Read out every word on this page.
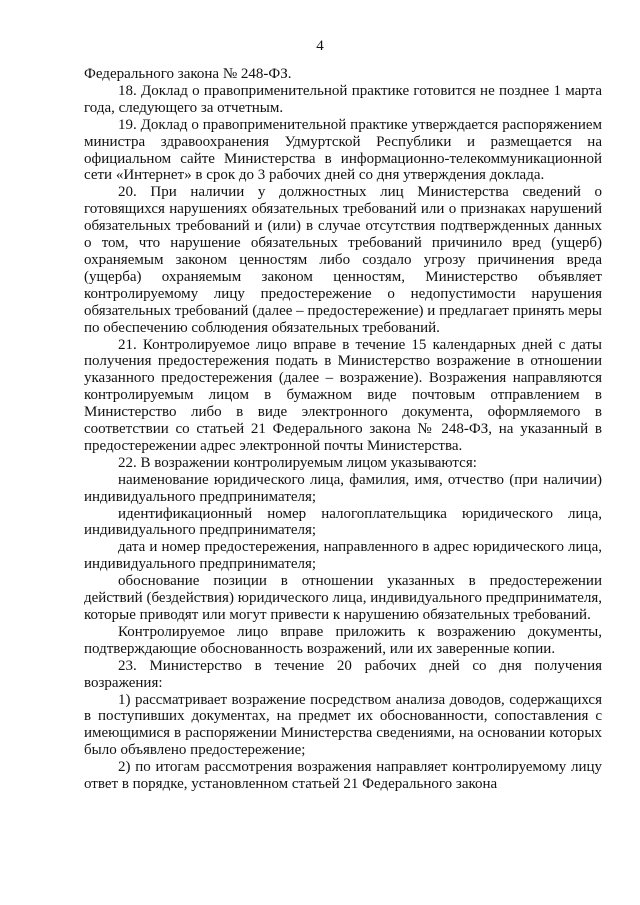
4

Федерального закона № 248-ФЗ.

18. Доклад о правоприменительной практике готовится не позднее 1 марта года, следующего за отчетным.

19. Доклад о правоприменительной практике утверждается распоряжением министра здравоохранения Удмуртской Республики и размещается на официальном сайте Министерства в информационно-телекоммуникационной сети «Интернет» в срок до 3 рабочих дней со дня утверждения доклада.

20. При наличии у должностных лиц Министерства сведений о готовящихся нарушениях обязательных требований или о признаках нарушений обязательных требований и (или) в случае отсутствия подтвержденных данных о том, что нарушение обязательных требований причинило вред (ущерб) охраняемым законом ценностям либо создало угрозу причинения вреда (ущерба) охраняемым законом ценностям, Министерство объявляет контролируемому лицу предостережение о недопустимости нарушения обязательных требований (далее – предостережение) и предлагает принять меры по обеспечению соблюдения обязательных требований.

21. Контролируемое лицо вправе в течение 15 календарных дней с даты получения предостережения подать в Министерство возражение в отношении указанного предостережения (далее – возражение). Возражения направляются контролируемым лицом в бумажном виде почтовым отправлением в Министерство либо в виде электронного документа, оформляемого в соответствии со статьей 21 Федерального закона № 248-ФЗ, на указанный в предостережении адрес электронной почты Министерства.

22. В возражении контролируемым лицом указываются:

наименование юридического лица, фамилия, имя, отчество (при наличии) индивидуального предпринимателя;

идентификационный номер налогоплательщика юридического лица, индивидуального предпринимателя;

дата и номер предостережения, направленного в адрес юридического лица, индивидуального предпринимателя;

обоснование позиции в отношении указанных в предостережении действий (бездействия) юридического лица, индивидуального предпринимателя, которые приводят или могут привести к нарушению обязательных требований.

Контролируемое лицо вправе приложить к возражению документы, подтверждающие обоснованность возражений, или их заверенные копии.

23. Министерство в течение 20 рабочих дней со дня получения возражения:

1) рассматривает возражение посредством анализа доводов, содержащихся в поступивших документах, на предмет их обоснованности, сопоставления с имеющимися в распоряжении Министерства сведениями, на основании которых было объявлено предостережение;

2) по итогам рассмотрения возражения направляет контролируемому лицу ответ в порядке, установленном статьей 21 Федерального закона
